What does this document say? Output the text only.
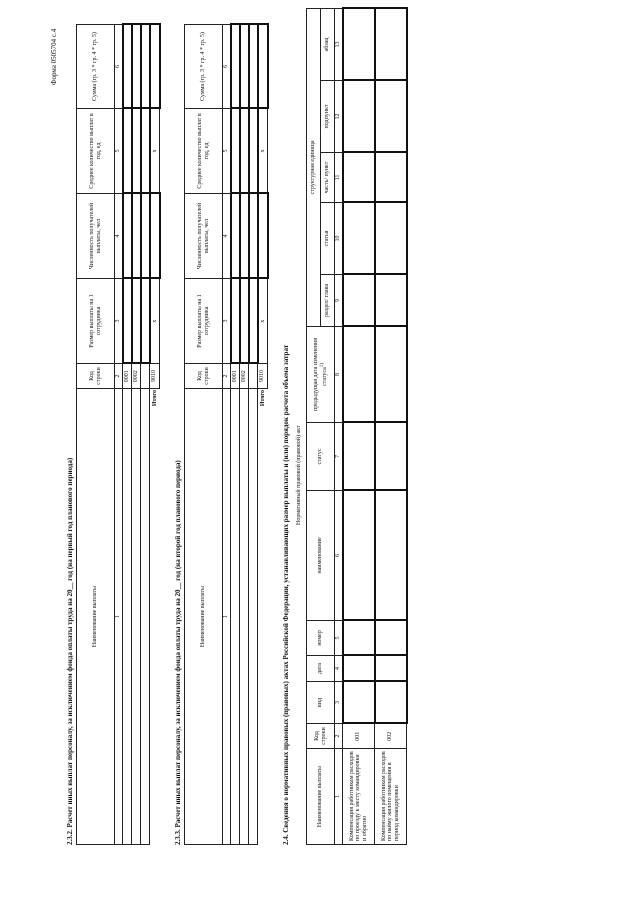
Форма 0505704 с.4
2.3.2. Расчет иных выплат персоналу, за исключением фонда оплаты труда на 20__ год (на первый год планового периода)	Наименование выплаты	Код строки	Размер выплаты на 1 сотрудника	Численность получателей выплаты, чел	Среднее количество выплат в год, ед	Сумма (гр. 3 * гр. 4 * гр. 5)
1	2	3	4	5	6
	0001				
	0002				

Итого	9010	x		x	
2.3.3. Расчет иных выплат персоналу, за исключением фонда оплаты труда на 20__ год (на второй год планового периода)	Наименование выплаты	Код строки	Размер выплаты на 1 сотрудника	Численность получателей выплаты, чел	Среднее количество выплат в год, ед	Сумма (гр. 3 * гр. 4 * гр. 5)
1	2	3	4	5	6
	0001				
	0002				

Итого	9010	x		x	
2.4. Сведения о нормативных правовых (правовых) актах Российской Федерации, устанавливающих размер выплаты и (или) порядок расчета объема затрат Нормативный правовой (правовой) акт
Наименование выплаты	Код строки	вид	дата	номер	наименование	статус	предыдущая дата изменения статуса$^{1)}$	структурная единица				
								раздел/ глава	статья	часть/ пункт	подпункт	абзац
1	2	3	4	5	6	7	8	9	10	11	12	13
Компенсация работникам расходов по проезду к месту командировки и обратно	001											
Компенсация работникам расходов по найму жилого помещения в период командировки	002											
